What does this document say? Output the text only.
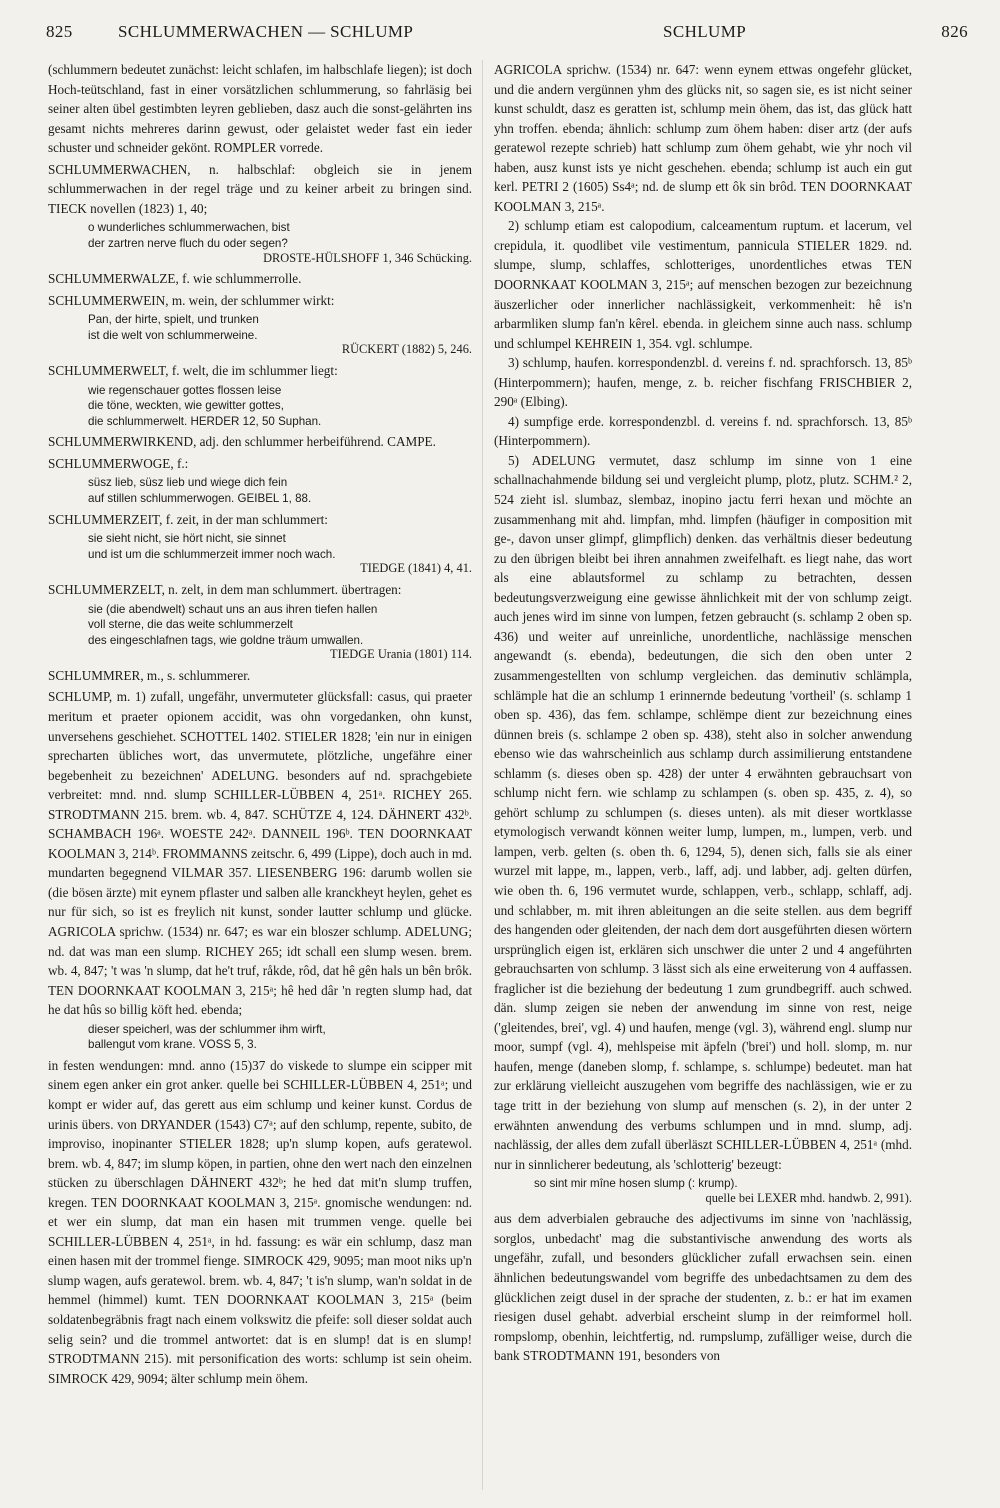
825	SCHLUMMERWACHEN — SCHLUMP	SCHLUMP	826

(schlummern bedeutet zunächst: leicht schlafen, im halbschlafe liegen); ist doch Hoch-teütschland, fast in einer vorsätzlichen schlummerung, so fahrläsig bei seiner alten übel gestimbten leyren geblieben, dasz auch die sonst-gelährten ins gesamt nichts mehreres darinn gewust, oder gelaistet weder fast ein ieder schuster und schneider gekönt. ROMPLER vorrede.

SCHLUMMERWACHEN, n. halbschlaf: obgleich sie in jenem schlummerwachen in der regel träge und zu keiner arbeit zu bringen sind. TIECK novellen (1823) 1, 40;

o wunderliches schlummerwachen, bist
der zartren nerve fluch du oder segen?
DROSTE-HÜLSHOFF 1, 346 Schücking.

SCHLUMMERWALZE, f. wie schlummerrolle.

SCHLUMMERWEIN, m. wein, der schlummer wirkt:

Pan, der hirte, spielt, und trunken
ist die welt von schlummerweine.
RÜCKERT (1882) 5, 246.

SCHLUMMERWELT, f. welt, die im schlummer liegt:

wie regenschauer gottes flossen leise
die töne, weckten, wie gewitter gottes,
die schlummerwelt. HERDER 12, 50 Suphan.

SCHLUMMERWIRKEND, adj. den schlummer herbeiführend. CAMPE.

SCHLUMMERWOGE, f.:

süsz lieb, süsz lieb und wiege dich fein
auf stillen schlummerwogen. GEIBEL 1, 88.

SCHLUMMERZEIT, f. zeit, in der man schlummert:

sie sieht nicht, sie hört nicht, sie sinnet
und ist um die schlummerzeit immer noch wach.
TIEDGE (1841) 4, 41.

SCHLUMMERZELT, n. zelt, in dem man schlummert. übertragen:

sie (die abendwelt) schaut uns an aus ihren tiefen hallen
voll sterne, die das weite schlummerzelt
des eingeschlafnen tags, wie goldne träum umwallen.
TIEDGE Urania (1801) 114.

SCHLUMMRER, m., s. schlummerer.

SCHLUMP, m. 1) zufall, ungefähr, unvermuteter glücksfall: casus, qui praeter meritum et praeter opionem accidit, was ohn vorgedanken, ohn kunst, unversehens geschiehet. SCHOTTEL 1402. STIELER 1828; 'ein nur in einigen sprecharten übliches wort, das unvermutete, plötzliche, ungefähre einer begebenheit zu bezeichnen' ADELUNG. besonders auf nd. sprachgebiete verbreitet: mnd. nnd. slump SCHILLER-LÜBBEN 4, 251ᵃ. RICHEY 265. STRODTMANN 215. brem. wb. 4, 847. SCHÜTZE 4, 124. DÄHNERT 432ᵇ. SCHAMBACH 196ᵃ. WOESTE 242ᵃ. DANNEIL 196ᵇ. TEN DOORNKAAT KOOLMAN 3, 214ᵇ. FROMMANNS zeitschr. 6, 499 (Lippe), doch auch in md. mundarten begegnend VILMAR 357. LIESENBERG 196: darumb wollen sie (die bösen ärzte) mit eynem pflaster und salben alle kranckheyt heylen, gehet es nur für sich, so ist es freylich nit kunst, sonder lautter schlump und glücke. AGRICOLA sprichw. (1534) nr. 647; es war ein bloszer schlump. ADELUNG; nd. dat was man een slump. RICHEY 265; idt schall een slump wesen. brem. wb. 4, 847; 't was 'n slump, dat he't truf, råkde, rôd, dat hê gên hals un bên brôk. TEN DOORNKAAT KOOLMAN 3, 215ᵃ; hê hed dâr 'n regten slump had, dat he dat hûs so billig köft hed. ebenda;

dieser speicherl, was der schlummer ihm wirft,
ballengut vom krane. VOSS 5, 3.

in festen wendungen: mnd. anno (15)37 do viskede to slumpe ein scipper mit sinem egen anker ein grot anker. quelle bei SCHILLER-LÜBBEN 4, 251ᵃ; und kompt er wider auf, das gerett aus eim schlump und keiner kunst. Cordus de urinis übers. von DRYANDER (1543) C7ᵃ; auf den schlump, repente, subito, de improviso, inopinanter STIELER 1828; up'n slump kopen, aufs geratewol. brem. wb. 4, 847; im slump köpen, in partien, ohne den wert nach den einzelnen stücken zu überschlagen DÄHNERT 432ᵇ; he hed dat mit'n slump truffen, kregen. TEN DOORNKAAT KOOLMAN 3, 215ᵃ. gnomische wendungen: nd. et wer ein slump, dat man ein hasen mit trummen venge. quelle bei SCHILLER-LÜBBEN 4, 251ᵃ, in hd. fassung: es wär ein schlump, dasz man einen hasen mit der trommel fienge. SIMROCK 429, 9095; man moot niks up'n slump wagen, aufs geratewol. brem. wb. 4, 847; 't is'n slump, wan'n soldat in de hemmel (himmel) kumt. TEN DOORNKAAT KOOLMAN 3, 215ᵃ (beim soldatenbegräbnis fragt nach einem volkswitz die pfeife: soll dieser soldat auch selig sein? und die trommel antwortet: dat is en slump! dat is en slump! STRODTMANN 215). mit personification des worts: schlump ist sein oheim. SIMROCK 429, 9094; älter schlump mein öhem.

AGRICOLA sprichw. (1534) nr. 647: wenn eynem ettwas ongefehr glücket, und die andern vergünnen yhm des glücks nit, so sagen sie, es ist nicht seiner kunst schuldt, dasz es geratten ist, schlump mein öhem, das ist, das glück hatt yhn troffen. ebenda; ähnlich: schlump zum öhem haben: diser artz (der aufs geratewol rezepte schrieb) hatt schlump zum öhem gehabt, wie yhr noch vil haben, ausz kunst ists ye nicht geschehen. ebenda; schlump ist auch ein gut kerl. PETRI 2 (1605) Ss4ᵃ; nd. de slump ett ôk sin brôd. TEN DOORNKAAT KOOLMAN 3, 215ᵃ.

2) schlump etiam est calopodium, calceamentum ruptum. et lacerum, vel crepidula, it. quodlibet vile vestimentum, pannicula STIELER 1829. nd. slumpe, slump, schlaffes, schlotteriges, unordentliches etwas TEN DOORNKAAT KOOLMAN 3, 215ᵃ; auf menschen bezogen zur bezeichnung äuszerlicher oder innerlicher nachlässigkeit, verkommenheit: hê is'n arbarmliken slump fan'n kêrel. ebenda. in gleichem sinne auch nass. schlump und schlumpel KEHREIN 1, 354. vgl. schlumpe.

3) schlump, haufen. korrespondenzbl. d. vereins f. nd. sprachforsch. 13, 85ᵇ (Hinterpommern); haufen, menge, z. b. reicher fischfang FRISCHBIER 2, 290ᵃ (Elbing).

4) sumpfige erde. korrespondenzbl. d. vereins f. nd. sprachforsch. 13, 85ᵇ (Hinterpommern).

5) ADELUNG vermutet, dasz schlump im sinne von 1 eine schallnachahmende bildung sei und vergleicht plump, plotz, plutz. SCHM.² 2, 524 zieht isl. slumbaz, slembaz, inopino jactu ferri hexan und möchte an zusammenhang mit ahd. limpfan, mhd. limpfen (häufiger in composition mit ge-, davon unser glimpf, glimpflich) denken. das verhältnis dieser bedeutung zu den übrigen bleibt bei ihren annahmen zweifelhaft. es liegt nahe, das wort als eine ablautsformel zu schlamp zu betrachten, dessen bedeutungsverzweigung eine gewisse ähnlichkeit mit der von schlump zeigt. auch jenes wird im sinne von lumpen, fetzen gebraucht (s. schlamp 2 oben sp. 436) und weiter auf unreinliche, unordentliche, nachlässige menschen angewandt (s. ebenda), bedeutungen, die sich den oben unter 2 zusammengestellten von schlump vergleichen. das deminutiv schlämpla, schlämple hat die an schlump 1 erinnernde bedeutung 'vortheil' (s. schlamp 1 oben sp. 436), das fem. schlampe, schlëmpe dient zur bezeichnung eines dünnen breis (s. schlampe 2 oben sp. 438), steht also in solcher anwendung ebenso wie das wahrscheinlich aus schlamp durch assimilierung entstandene schlamm (s. dieses oben sp. 428) der unter 4 erwähnten gebrauchsart von schlump nicht fern. wie schlamp zu schlampen (s. oben sp. 435, z. 4), so gehört schlump zu schlumpen (s. dieses unten). als mit dieser wortklasse etymologisch verwandt können weiter lump, lumpen, m., lumpen, verb. und lampen, verb. gelten (s. oben th. 6, 1294, 5), denen sich, falls sie als einer wurzel mit lappe, m., lappen, verb., laff, adj. und labber, adj. gelten dürfen, wie oben th. 6, 196 vermutet wurde, schlappen, verb., schlapp, schlaff, adj. und schlabber, m. mit ihren ableitungen an die seite stellen. aus dem begriff des hangenden oder gleitenden, der nach dem dort ausgeführten diesen wörtern ursprünglich eigen ist, erklären sich unschwer die unter 2 und 4 angeführten gebrauchsarten von schlump. 3 lässt sich als eine erweiterung von 4 auffassen. fraglicher ist die beziehung der bedeutung 1 zum grundbegriff. auch schwed. dän. slump zeigen sie neben der anwendung im sinne von rest, neige ('gleitendes, brei', vgl. 4) und haufen, menge (vgl. 3), während engl. slump nur moor, sumpf (vgl. 4), mehlspeise mit äpfeln ('brei') und holl. slomp, m. nur haufen, menge (daneben slomp, f. schlampe, s. schlumpe) bedeutet. man hat zur erklärung vielleicht auszugehen vom begriffe des nachlässigen, wie er zu tage tritt in der beziehung von slump auf menschen (s. 2), in der unter 2 erwähnten anwendung des verbums schlumpen und in mnd. slump, adj. nachlässig, der alles dem zufall überläszt SCHILLER-LÜBBEN 4, 251ᵃ (mhd. nur in sinnlicherer bedeutung, als 'schlotterig' bezeugt:

so sint mir mîne hosen slump (: krump).
quelle bei LEXER mhd. handwb. 2, 991).

aus dem adverbialen gebrauche des adjectivums im sinne von 'nachlässig, sorglos, unbedacht' mag die substantivische anwendung des worts als ungefähr, zufall, und besonders glücklicher zufall erwachsen sein. einen ähnlichen bedeutungswandel vom begriffe des unbedachtsamen zu dem des glücklichen zeigt dusel in der sprache der studenten, z. b.: er hat im examen riesigen dusel gehabt. adverbial erscheint slump in der reimformel holl. rompslomp, obenhin, leichtfertig, nd. rumpslump, zufälliger weise, durch die bank STRODTMANN 191, besonders von
